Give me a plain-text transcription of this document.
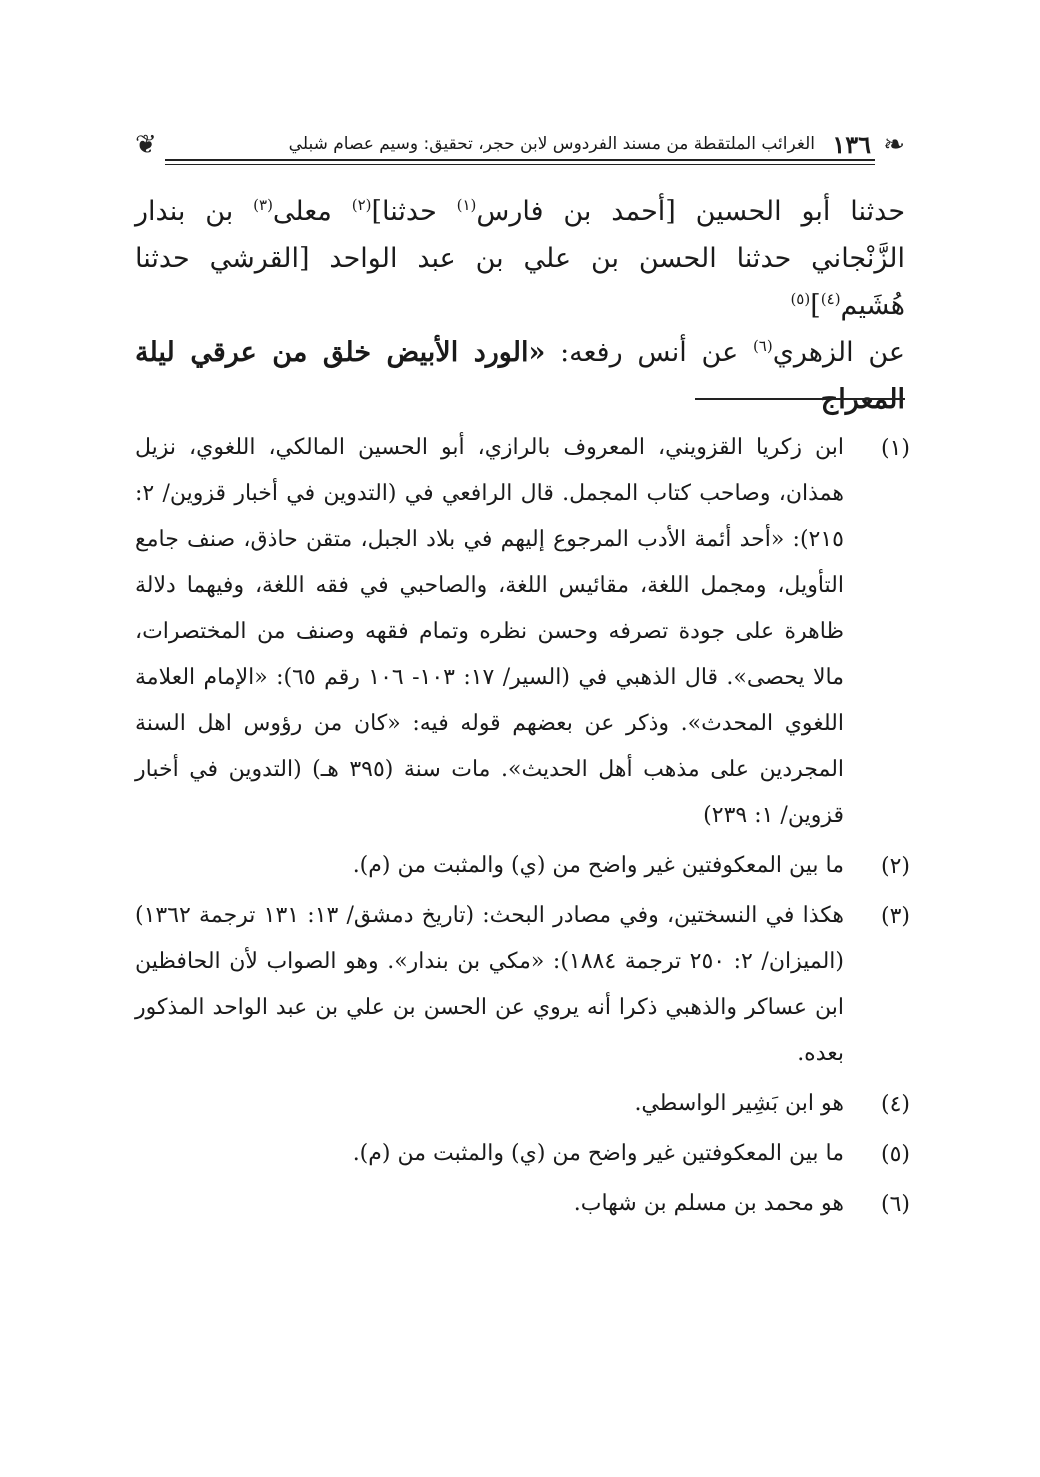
❦	الغرائب الملتقطة من مسند الفردوس لابن حجر، تحقيق: وسيم عصام شبلي ١٣٦ ❧

حدثنا أبو الحسين [أحمد بن فارس$^{(١)}$ حدثنا]$^{(٢)}$ معلى$^{(٣)}$ بن بندار

الزَّنْجاني حدثنا الحسن بن علي بن عبد الواحد [القرشي حدثنا هُشَيم$^{(٤)}$]$^{(٥)}$

عن الزهري$^{(٦)}$ عن أنس رفعه: «الورد الأبيض خلق من عرقي ليلة المعراج

(١)
ابن زكريا القزويني، المعروف بالرازي، أبو الحسين المالكي، اللغوي، نزيل همذان، وصاحب كتاب المجمل. قال الرافعي في (التدوين في أخبار قزوين/ ٢: ٢١٥): «أحد أئمة الأدب المرجوع إليهم في بلاد الجبل، متقن حاذق، صنف جامع التأويل، ومجمل اللغة، مقائيس اللغة، والصاحبي في فقه اللغة، وفيهما دلالة ظاهرة على جودة تصرفه وحسن نظره وتمام فقهه وصنف من المختصرات، مالا يحصى». قال الذهبي في (السير/ ١٧: ١٠٣- ١٠٦ رقم ٦٥): «الإمام العلامة اللغوي المحدث». وذكر عن بعضهم قوله فيه: «كان من رؤوس اهل السنة المجردين على مذهب أهل الحديث». مات سنة (٣٩٥ هـ) (التدوين في أخبار قزوين/ ١: ٢٣٩)
(٢)
ما بين المعكوفتين غير واضح من (ي) والمثبت من (م).
(٣)
هكذا في النسختين، وفي مصادر البحث: (تاريخ دمشق/ ١٣: ١٣١ ترجمة ١٣٦٢) (الميزان/ ٢: ٢٥٠ ترجمة ١٨٨٤): «مكي بن بندار». وهو الصواب لأن الحافظين ابن عساكر والذهبي ذكرا أنه يروي عن الحسن بن علي بن عبد الواحد المذكور بعده.
(٤)
هو ابن بَشِير الواسطي.
(٥)
ما بين المعكوفتين غير واضح من (ي) والمثبت من (م).
(٦)
هو محمد بن مسلم بن شهاب.
